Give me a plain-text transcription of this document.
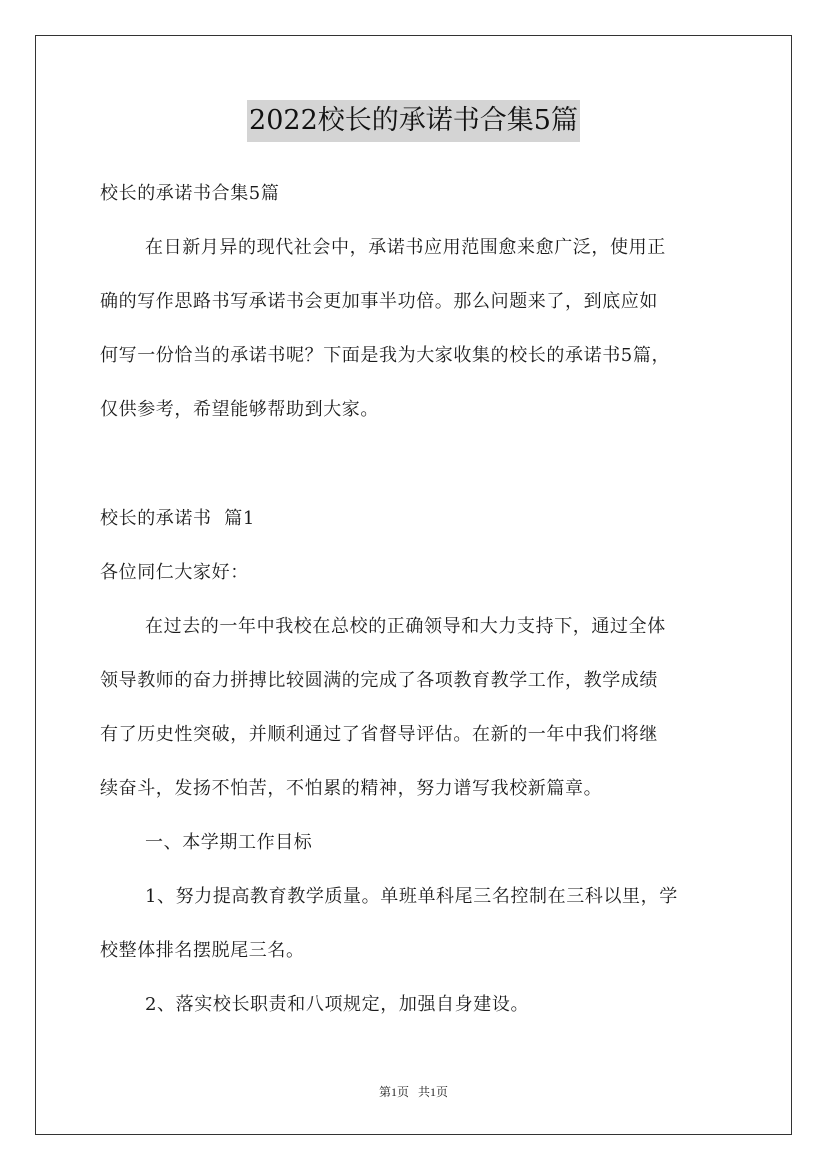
2022校长的承诺书合集5篇
校长的承诺书合集5篇
在日新月异的现代社会中，承诺书应用范围愈来愈广泛，使用正
确的写作思路书写承诺书会更加事半功倍。那么问题来了，到底应如
何写一份恰当的承诺书呢？下面是我为大家收集的校长的承诺书5篇，
仅供参考，希望能够帮助到大家。
校长的承诺书  篇1
各位同仁大家好：
在过去的一年中我校在总校的正确领导和大力支持下，通过全体
领导教师的奋力拼搏比较圆满的完成了各项教育教学工作，教学成绩
有了历史性突破，并顺利通过了省督导评估。在新的一年中我们将继
续奋斗，发扬不怕苦，不怕累的精神，努力谱写我校新篇章。
一、本学期工作目标
1、努力提高教育教学质量。单班单科尾三名控制在三科以里，学
校整体排名摆脱尾三名。
2、落实校长职责和八项规定，加强自身建设。
第1页 共1页
